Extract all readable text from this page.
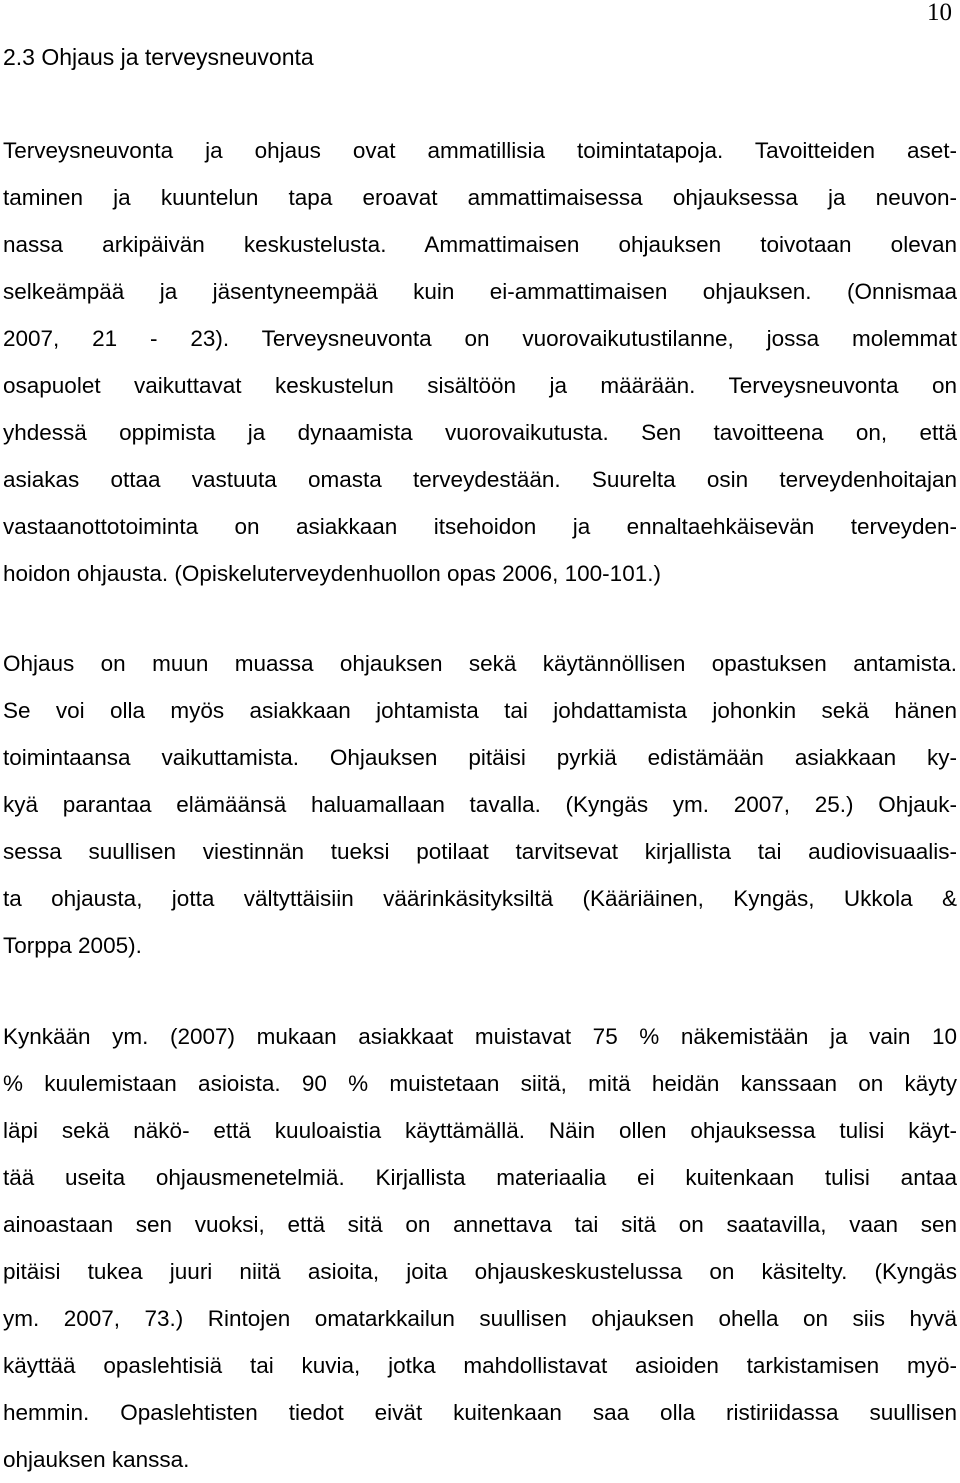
10
2.3 Ohjaus ja terveysneuvonta
Terveysneuvonta ja ohjaus ovat ammatillisia toimintatapoja. Tavoitteiden aset-
taminen ja kuuntelun tapa eroavat ammattimaisessa ohjauksessa ja neuvon-
nassa arkipäivän keskustelusta. Ammattimaisen ohjauksen toivotaan olevan
selkeämpää ja jäsentyneempää kuin ei-ammattimaisen ohjauksen. (Onnismaa
2007, 21 - 23). Terveysneuvonta on vuorovaikutustilanne, jossa molemmat
osapuolet vaikuttavat keskustelun sisältöön ja määrään. Terveysneuvonta on
yhdessä oppimista ja dynaamista vuorovaikutusta. Sen tavoitteena on, että
asiakas ottaa vastuuta omasta terveydestään. Suurelta osin terveydenhoitajan
vastaanottotoiminta on asiakkaan itsehoidon ja ennaltaehkäisevän terveyden-
hoidon ohjausta. (Opiskeluterveydenhuollon opas 2006, 100-101.)
Ohjaus on muun muassa ohjauksen sekä käytännöllisen opastuksen antamista.
Se voi olla myös asiakkaan johtamista tai johdattamista johonkin sekä hänen
toimintaansa vaikuttamista. Ohjauksen pitäisi pyrkiä edistämään asiakkaan ky-
kyä parantaa elämäänsä haluamallaan tavalla. (Kyngäs ym. 2007, 25.) Ohjauk-
sessa suullisen viestinnän tueksi potilaat tarvitsevat kirjallista tai audiovisuaalis-
ta ohjausta, jotta vältyttäisiin väärinkäsityksiltä (Kääriäinen, Kyngäs, Ukkola &
Torppa 2005).
Kynkään ym. (2007) mukaan asiakkaat muistavat 75 % näkemistään ja vain 10
% kuulemistaan asioista. 90 % muistetaan siitä, mitä heidän kanssaan on käyty
läpi sekä näkö- että kuuloaistia käyttämällä. Näin ollen ohjauksessa tulisi käyt-
tää useita ohjausmenetelmiä. Kirjallista materiaalia ei kuitenkaan tulisi antaa
ainoastaan sen vuoksi, että sitä on annettava tai sitä on saatavilla, vaan sen
pitäisi tukea juuri niitä asioita, joita ohjauskeskustelussa on käsitelty. (Kyngäs
ym. 2007, 73.) Rintojen omatarkkailun suullisen ohjauksen ohella on siis hyvä
käyttää opaslehtisiä tai kuvia, jotka mahdollistavat asioiden tarkistamisen myö-
hemmin. Opaslehtisten tiedot eivät kuitenkaan saa olla ristiriidassa suullisen
ohjauksen kanssa.
